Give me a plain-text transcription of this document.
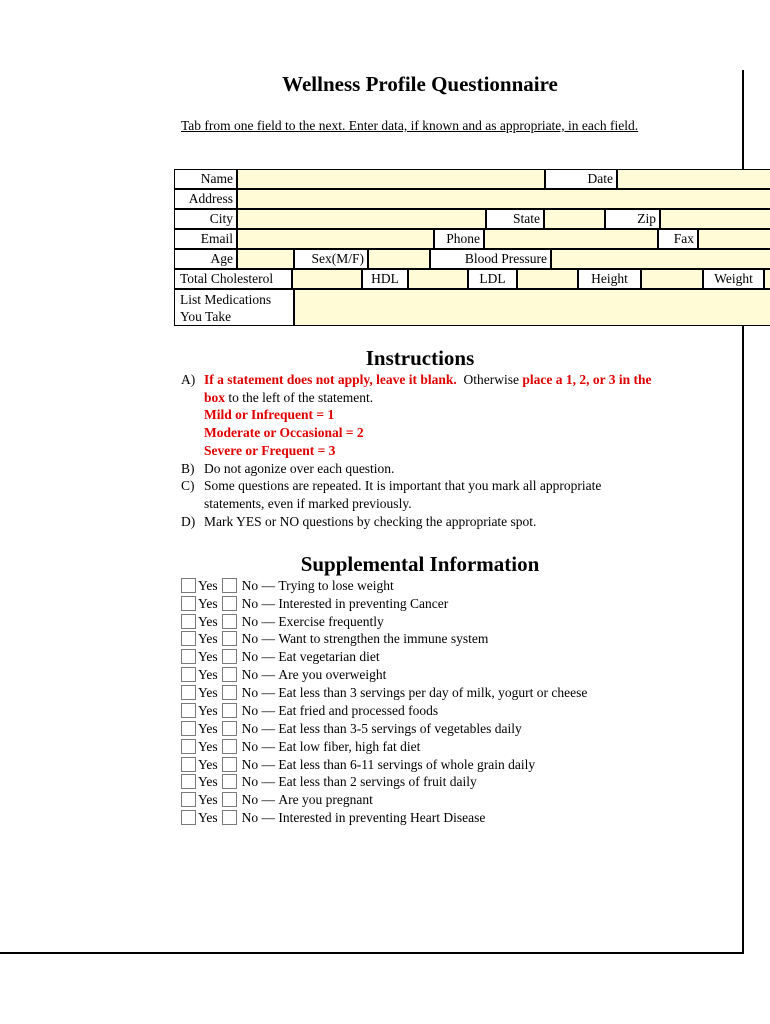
Wellness Profile Questionnaire
Tab from one field to the next. Enter data, if known and as appropriate, in each field.
Name	Date
Address
City	State	Zip
Email	Phone	Fax
Age	Sex(M/F)	Blood Pressure
Total Cholesterol	HDL	LDL	Height	Weight
List Medications You Take
Instructions
A) If a statement does not apply, leave it blank. Otherwise place a 1, 2, or 3 in the box to the left of the statement.
Mild or Infrequent = 1
Moderate or Occasional = 2
Severe or Frequent = 3
B) Do not agonize over each question.
C) Some questions are repeated. It is important that you mark all appropriate statements, even if marked previously.
D) Mark YES or NO questions by checking the appropriate spot.
Supplemental Information
Yes No —
Trying to lose weight
Yes No —
Interested in preventing Cancer
Yes No —
Exercise frequently
Yes No —
Want to strengthen the immune system
Yes No —
Eat vegetarian diet
Yes No —
Are you overweight
Yes No —
Eat less than 3 servings per day of milk, yogurt or cheese
Yes No —
Eat fried and processed foods
Yes No —
Eat less than 3-5 servings of vegetables daily
Yes No —
Eat low fiber, high fat diet
Yes No —
Eat less than 6-11 servings of whole grain daily
Yes No —
Eat less than 2 servings of fruit daily
Yes No —
Are you pregnant
Yes No —
Interested in preventing Heart Disease
